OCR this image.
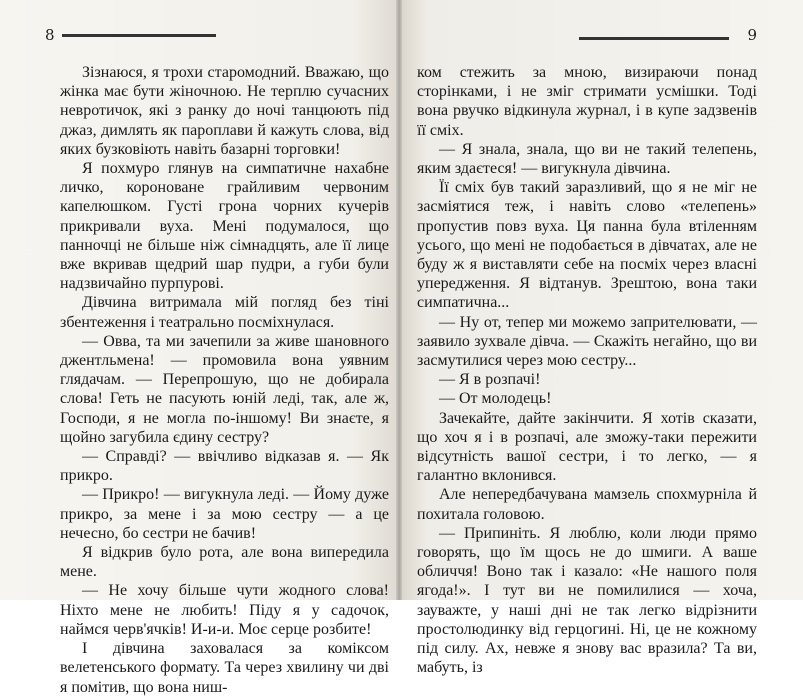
8

Зізнаюся, я трохи старомодний. Вважаю, що жінка має бути жіночною. Не терплю сучасних невротичок, які з ранку до ночі танцюють під джаз, димлять як пароплави й кажуть слова, від яких бузковіють навіть базарні торговки!

Я похмуро глянув на симпатичне нахабне личко, короноване грайливим червоним капелюшком. Густі грона чорних кучерів прикривали вуха. Мені подумалося, що панночці не більше ніж сімнадцять, але її лице вже вкривав щедрий шар пудри, а губи були надзвичайно пурпурові.

Дівчина витримала мій погляд без тіні збентеження і театрально посміхнулася.

— Овва, та ми зачепили за живе шановного джентльмена! — промовила вона уявним глядачам. — Перепрошую, що не добирала слова! Геть не пасують юній леді, так, але ж, Господи, я не могла по-іншому! Ви знаєте, я щойно загубила єдину сестру?

— Справді? — ввічливо відказав я. — Як прикро.

— Прикро! — вигукнула леді. — Йому дуже прикро, за мене і за мою сестру — а це нечесно, бо сестри не бачив!

Я відкрив було рота, але вона випередила мене.

— Не хочу більше чути жодного слова! Ніхто мене не любить! Піду я у садочок, наймся черв'ячків! И-и-и. Моє серце розбите!

І дівчина заховалася за коміксом велетенського формату. Та через хвилину чи дві я помітив, що вона ниш-

9

ком стежить за мною, визираючи понад сторінками, і не зміг стримати усмішки. Тоді вона рвучко відкинула журнал, і в купе задзвенів її сміх.

— Я знала, знала, що ви не такий телепень, яким здаєтеся! — вигукнула дівчина.

Її сміх був такий заразливий, що я не міг не засміятися теж, і навіть слово «телепень» пропустив повз вуха. Ця панна була втіленням усього, що мені не подобається в дівчатах, але не буду ж я виставляти себе на посміх через власні упередження. Я відтанув. Зрештою, вона таки симпатична...

— Ну от, тепер ми можемо запрителювати, — заявило зухвале дівча. — Скажіть негайно, що ви засмутилися через мою сестру...

— Я в розпачі!

— От молодець!

Зачекайте, дайте закінчити. Я хотів сказати, що хоч я і в розпачі, але зможу-таки пережити відсутність вашої сестри, і то легко, — я галантно вклонився.

Але непередбачувана мамзель спохмурніла й похитала головою.

— Припиніть. Я люблю, коли люди прямо говорять, що їм щось не до шмиги. А ваше обличчя! Воно так і казало: «Не нашого поля ягода!». І тут ви не помилилися — хоча, зауважте, у наші дні не так легко відрізнити простолюдинку від герцогині. Ні, це не кожному під силу. Ах, невже я знову вас вразила? Та ви, мабуть, із
